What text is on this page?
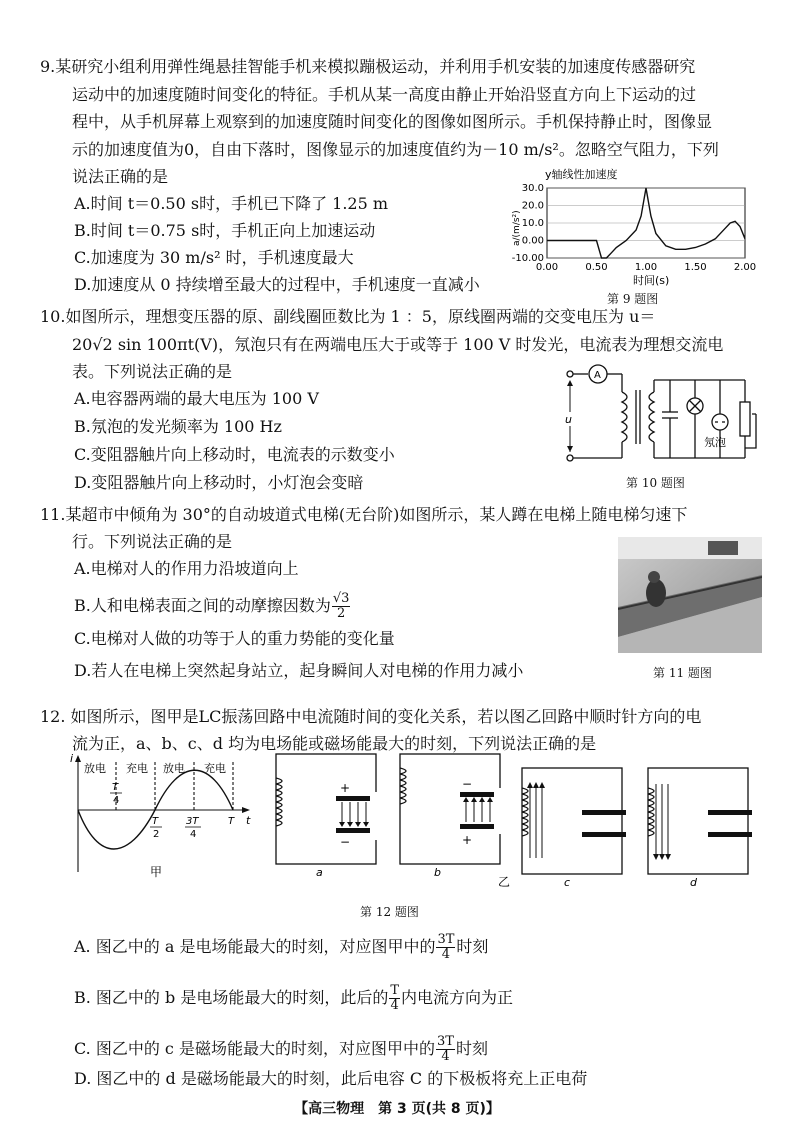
9.某研究小组利用弹性绳悬挂智能手机来模拟蹦极运动，并利用手机安装的加速度传感器研究
运动中的加速度随时间变化的特征。手机从某一高度由静止开始沿竖直方向上下运动的过
程中，从手机屏幕上观察到的加速度随时间变化的图像如图所示。手机保持静止时，图像显
示的加速度值为0，自由下落时，图像显示的加速度值约为－10 m/s²。忽略空气阻力，下列
说法正确的是
A.时间 t＝0.50 s时，手机已下降了 1.25 m
B.时间 t＝0.75 s时，手机正向上加速运动
C.加速度为 30 m/s² 时，手机速度最大
D.加速度从 0 持续增至最大的过程中，手机速度一直减小
y轴线性加速度
a/(m/s²)
30.0
20.0
10.0
0.00
-10.00
0.00	0.50	1.00	1.50	2.00
时间(s)
第 9 题图
10.如图所示，理想变压器的原、副线圈匝数比为 1 ：5，原线圈两端的交变电压为 u＝
20√2 sin 100πt(V)，氖泡只有在两端电压大于或等于 100 V 时发光，电流表为理想交流电
表。下列说法正确的是
A.电容器两端的最大电压为 100 V
B.氖泡的发光频率为 100 Hz
C.变阻器触片向上移动时，电流表的示数变小
D.变阻器触片向上移动时，小灯泡会变暗
u
A
氖泡
第 10 题图
11.某超市中倾角为 30°的自动坡道式电梯(无台阶)如图所示，某人蹲在电梯上随电梯匀速下
行。下列说法正确的是
A.电梯对人的作用力沿坡道向上
B.人和电梯表面之间的动摩擦因数为 $\frac{√3}{2}$
C.电梯对人做的功等于人的重力势能的变化量
D.若人在电梯上突然起身站立，起身瞬间人对电梯的作用力减小	第 11 题图
12. 如图所示，图甲是LC振荡回路中电流随时间的变化关系，若以图乙回路中顺时针方向的电
流为正，a、b、c、d 均为电场能或磁场能最大的时刻，下列说法正确的是
i
t
放电 充电 放电 充电
T
4
T
2
3T
4
T
甲
+
−
−
+
a	b
乙	c	d
第 12 题图
A. 图乙中的 a 是电场能最大的时刻，对应图甲中的 $\frac{3T}{4}$ 时刻
B. 图乙中的 b 是电场能最大的时刻，此后的 $\frac{T}{4}$ 内电流方向为正
C. 图乙中的 c 是磁场能最大的时刻，对应图甲中的 $\frac{3T}{4}$ 时刻
D. 图乙中的 d 是磁场能最大的时刻，此后电容 C 的下极板将充上正电荷
【高三物理　第 3 页(共 8 页)】
